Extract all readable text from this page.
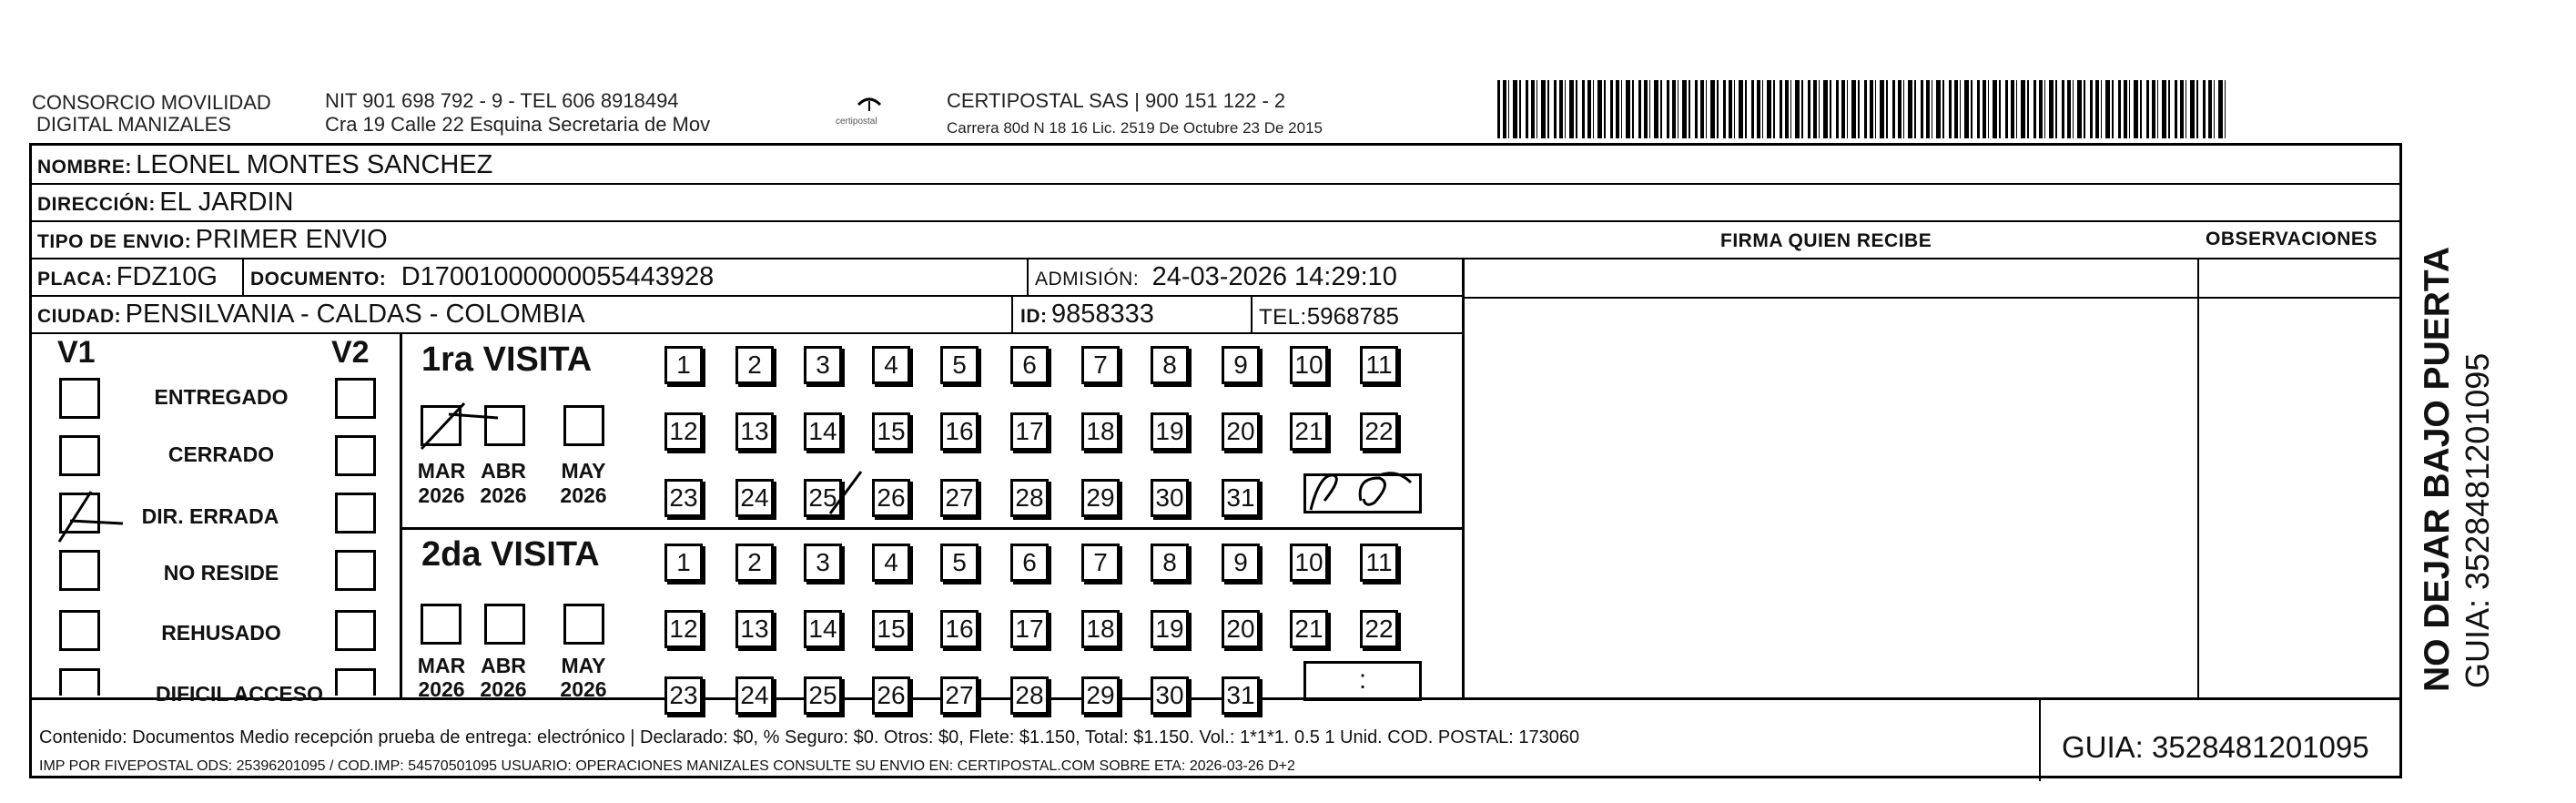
CONSORCIO MOVILIDAD
DIGITAL MANIZALES
NIT 901 698 792 - 9 - TEL 606 8918494
Cra 19 Calle 22 Esquina Secretaria de Mov	certipostal
CERTIPOSTAL SAS | 900 151 122 - 2
Carrera 80d N 18 16 Lic. 2519 De Octubre 23 De 2015
NOMBRE: LEONEL MONTES SANCHEZ
DIRECCIÓN: EL JARDIN
TIPO DE ENVIO: PRIMER ENVIO	FIRMA QUIEN RECIBE	OBSERVACIONES
PLACA: FDZ10G DOCUMENTO: D17001000000055443928	ADMISIÓN: 24-03-2026 14:29:10
CIUDAD: PENSILVANIA - CALDAS - COLOMBIA	ID: 9858333	TEL:5968785
V1	V2
ENTREGADO
CERRADO
DIR. ERRADA
NO RESIDE
REHUSADO
DIFICIL ACCESO
1ra VISITA
MAR ABR MAY
2026 2026 2026
1	2	3	4	5	6	7	8	9	10 11
12 13 14 15 16 17 18 19 20 21 22
23 24 25 26 27 28 29 30 31
2da VISITA
MAR ABR MAY
2026 2026 2026
1	2	3	4	5	6	7	8	9	10 11
12 13 14 15 16 17 18 19 20 21 22
23 24 25 26 27 28 29 30 31
:
Contenido: Documentos Medio recepción prueba de entrega: electrónico | Declarado: $0, % Seguro: $0. Otros: $0, Flete: $1.150, Total: $1.150. Vol.: 1*1*1. 0.5 1 Unid. COD. POSTAL: 173060
IMP POR FIVEPOSTAL ODS: 25396201095 / COD.IMP: 54570501095 USUARIO: OPERACIONES MANIZALES CONSULTE SU ENVIO EN: CERTIPOSTAL.COM SOBRE ETA: 2026-03-26 D+2
GUIA: 3528481201095
NO DEJAR BAJO PUERTA GUIA: 3528481201095
